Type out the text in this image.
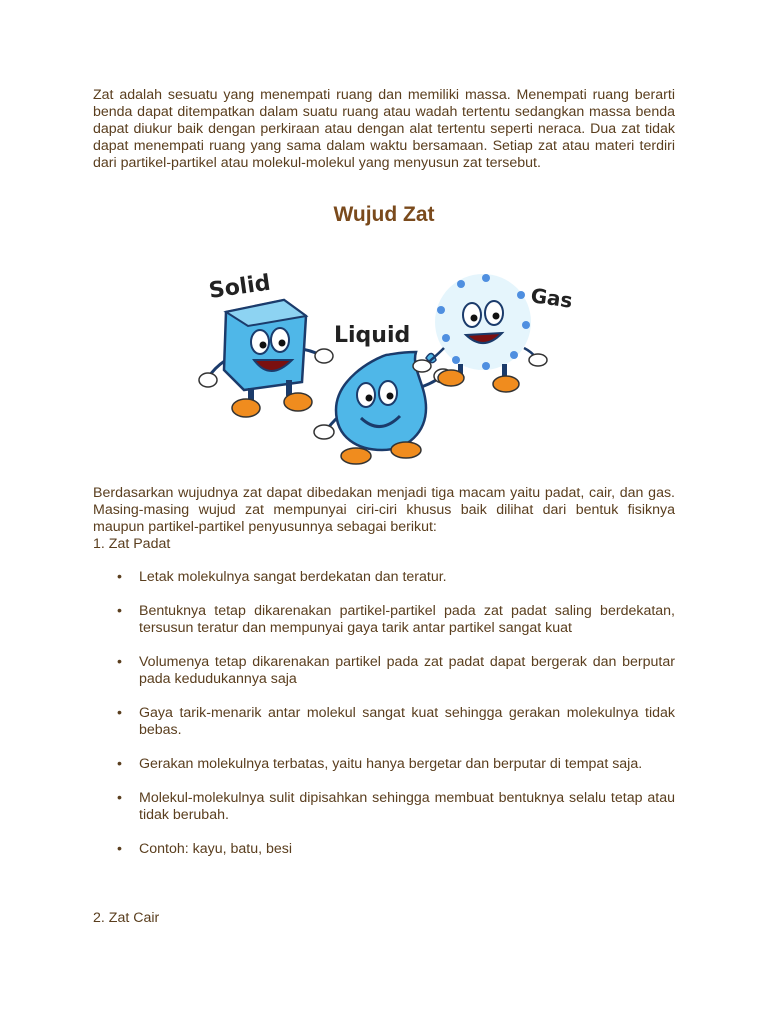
Zat adalah sesuatu yang menempati ruang dan memiliki massa. Menempati ruang berarti benda dapat ditempatkan dalam suatu ruang atau wadah tertentu sedangkan massa benda dapat diukur baik dengan perkiraan atau dengan alat tertentu seperti neraca. Dua zat tidak dapat menempati ruang yang sama dalam waktu bersamaan. Setiap zat atau materi terdiri dari partikel-partikel atau molekul-molekul yang menyusun zat tersebut.

Wujud Zat
Solid
Liquid
Gas

Berdasarkan wujudnya zat dapat dibedakan menjadi tiga macam yaitu padat, cair, dan gas. Masing-masing wujud zat mempunyai ciri-ciri khusus baik dilihat dari bentuk fisiknya maupun partikel-partikel penyusunnya sebagai berikut:

1. Zat Padat

• Letak molekulnya sangat berdekatan dan teratur.
• Bentuknya tetap dikarenakan partikel-partikel pada zat padat saling berdekatan, tersusun teratur dan mempunyai gaya tarik antar partikel sangat kuat
• Volumenya tetap dikarenakan partikel pada zat padat dapat bergerak dan berputar pada kedudukannya saja
• Gaya tarik-menarik antar molekul sangat kuat sehingga gerakan molekulnya tidak bebas.
• Gerakan molekulnya terbatas, yaitu hanya bergetar dan berputar di tempat saja.
• Molekul-molekulnya sulit dipisahkan sehingga membuat bentuknya selalu tetap atau tidak berubah.
• Contoh: kayu, batu, besi

2. Zat Cair
